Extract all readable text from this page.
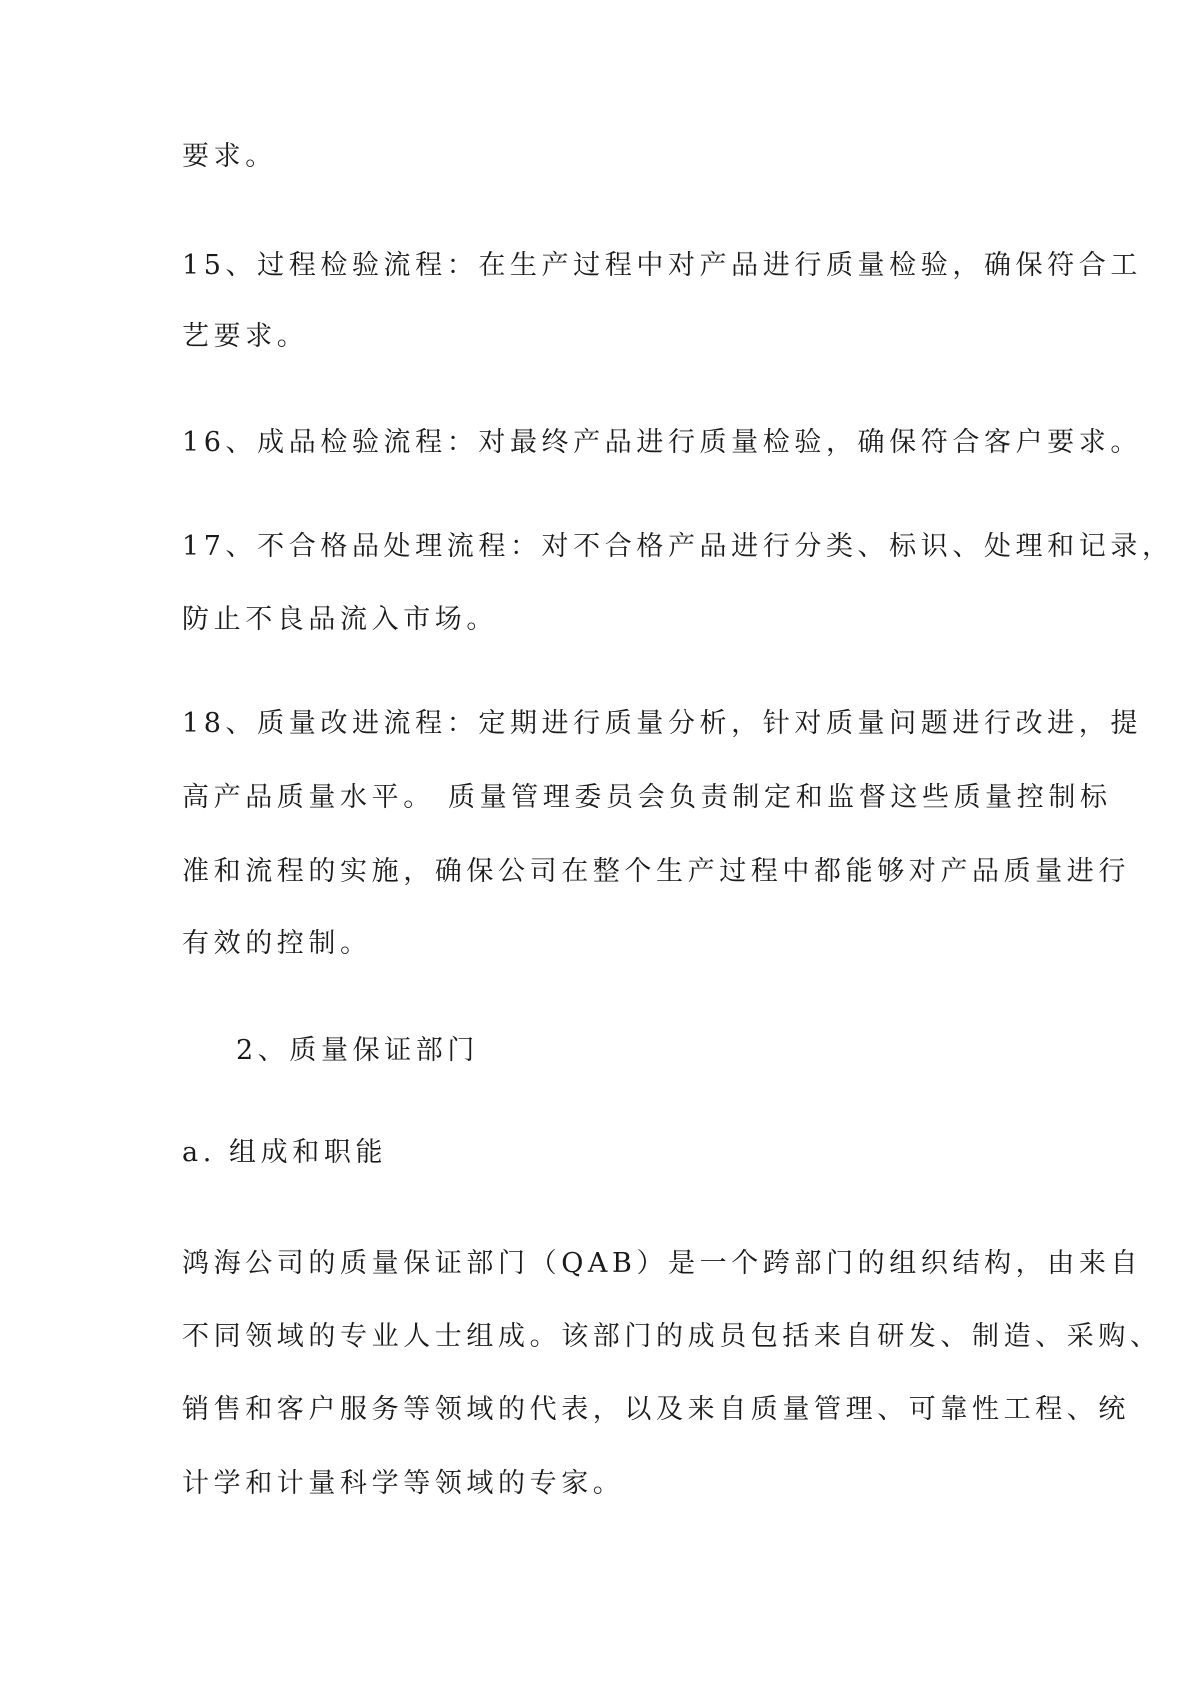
要求。
15、过程检验流程：在生产过程中对产品进行质量检验，确保符合工
艺要求。
16、成品检验流程：对最终产品进行质量检验，确保符合客户要求。
17、不合格品处理流程：对不合格产品进行分类、标识、处理和记录，
防止不良品流入市场。
18、质量改进流程：定期进行质量分析，针对质量问题进行改进，提
高产品质量水平。 质量管理委员会负责制定和监督这些质量控制标
准和流程的实施，确保公司在整个生产过程中都能够对产品质量进行
有效的控制。
2、质量保证部门
a. 组成和职能
鸿海公司的质量保证部门（QAB）是一个跨部门的组织结构，由来自
不同领域的专业人士组成。该部门的成员包括来自研发、制造、采购、
销售和客户服务等领域的代表，以及来自质量管理、可靠性工程、统
计学和计量科学等领域的专家。
